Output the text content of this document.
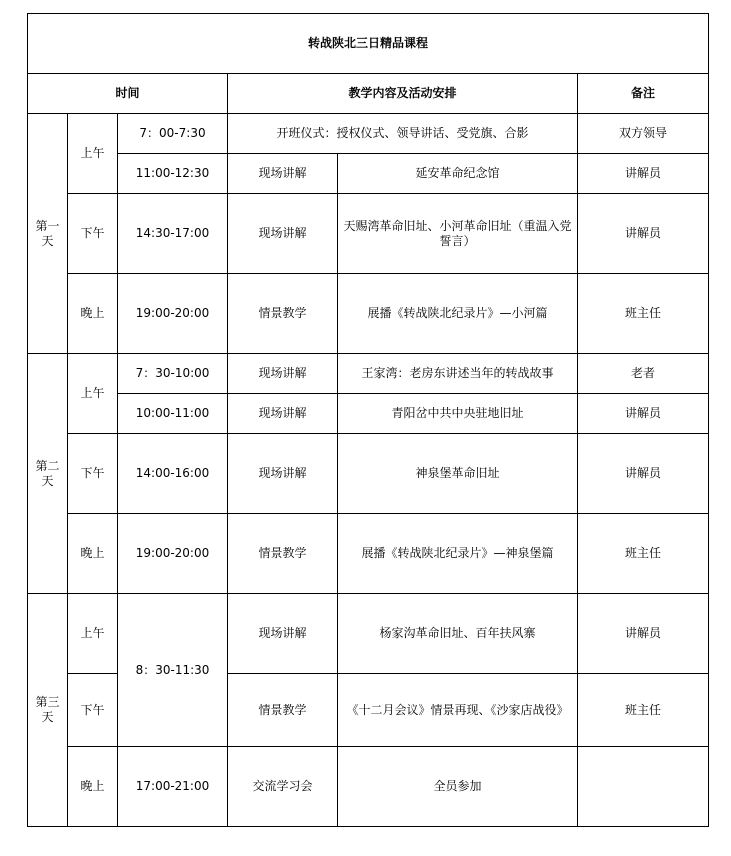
转战陕北三日精品课程					
时间			教学内容及活动安排		备注
第一天	上午	7：00-7:30	开班仪式：授权仪式、领导讲话、受党旗、合影		双方领导
		11:00-12:30	现场讲解	延安革命纪念馆	讲解员
	下午	14:30-17:00	现场讲解	天赐湾革命旧址、小河革命旧址（重温入党誓言）	讲解员
	晚上	19:00-20:00	情景教学	展播《转战陕北纪录片》—小河篇	班主任
第二天	上午	7：30-10:00	现场讲解	王家湾：老房东讲述当年的转战故事	老者
		10:00-11:00	现场讲解	青阳岔中共中央驻地旧址	讲解员
	下午	14:00-16:00	现场讲解	神泉堡革命旧址	讲解员
	晚上	19:00-20:00	情景教学	展播《转战陕北纪录片》—神泉堡篇	班主任
第三天	上午	8：30-11:30	现场讲解	杨家沟革命旧址、百年扶风寨	讲解员
	下午		情景教学	《十二月会议》情景再现、《沙家店战役》	班主任
	晚上	17:00-21:00	交流学习会	全员参加	
